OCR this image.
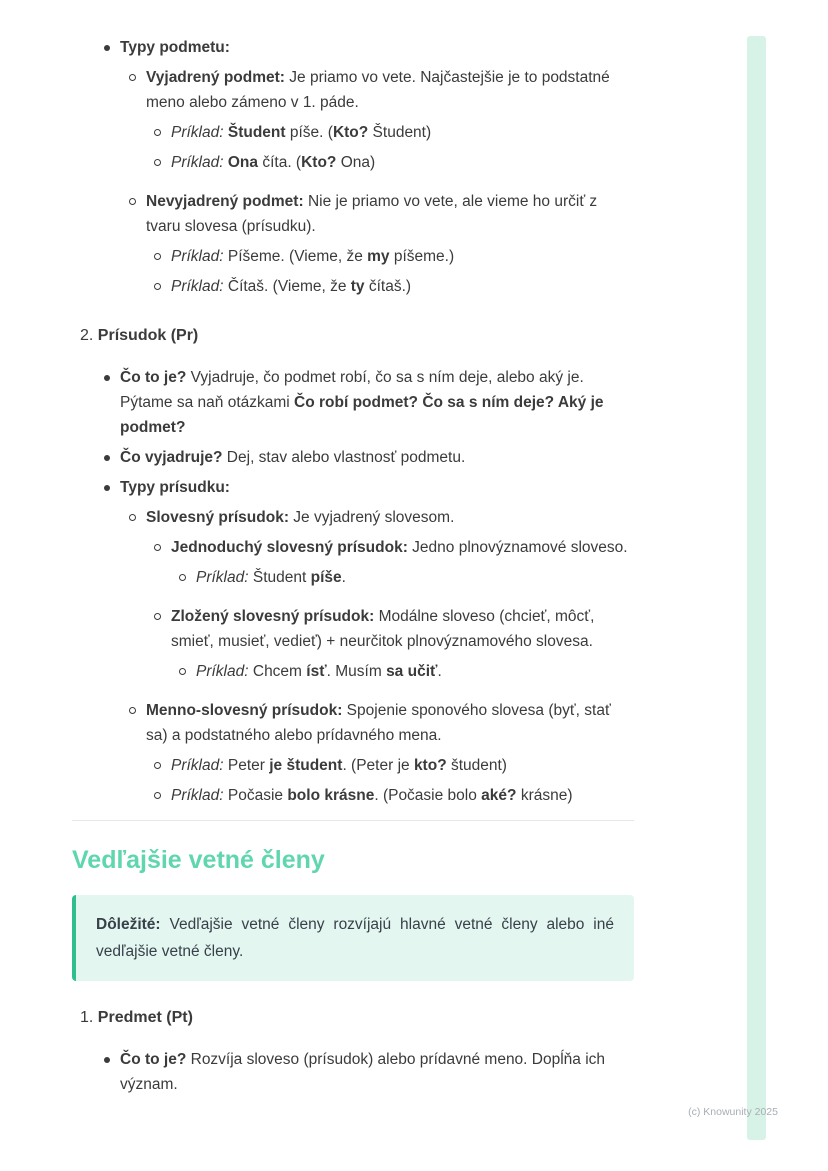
Typy podmetu:
Vyjadrený podmet: Je priamo vo vete. Najčastejšie je to podstatné meno alebo zámeno v 1. páde.
Príklad: Študent píše. (Kto? Študent)
Príklad: Ona číta. (Kto? Ona)
Nevyjadrený podmet: Nie je priamo vo vete, ale vieme ho určiť z tvaru slovesa (prísudku).
Príklad: Píšeme. (Vieme, že my píšeme.)
Príklad: Čítaš. (Vieme, že ty čítaš.)
2. Prísudok (Pr)
Čo to je? Vyjadruje, čo podmet robí, čo sa s ním deje, alebo aký je. Pýtame sa naň otázkami Čo robí podmet? Čo sa s ním deje? Aký je podmet?
Čo vyjadruje? Dej, stav alebo vlastnosť podmetu.
Typy prísudku:
Slovesný prísudok: Je vyjadrený slovesom.
Jednoduchý slovesný prísudok: Jedno plnovýznamové sloveso.
Príklad: Študent píše.
Zložený slovesný prísudok: Modálne sloveso (chcieť, môcť, smieť, musieť, vedieť) + neurčitok plnovýznamového slovesa.
Príklad: Chcem ísť. Musím sa učiť.
Menno-slovesný prísudok: Spojenie sponového slovesa (byť, stať sa) a podstatného alebo prídavného mena.
Príklad: Peter je študent. (Peter je kto? študent)
Príklad: Počasie bolo krásne. (Počasie bolo aké? krásne)
Vedľajšie vetné členy
Dôležité: Vedľajšie vetné členy rozvíjajú hlavné vetné členy alebo iné vedľajšie vetné členy.
1. Predmet (Pt)
Čo to je? Rozvíja sloveso (prísudok) alebo prídavné meno. Dopĺňa ich význam.
(c) Knowunity 2025
